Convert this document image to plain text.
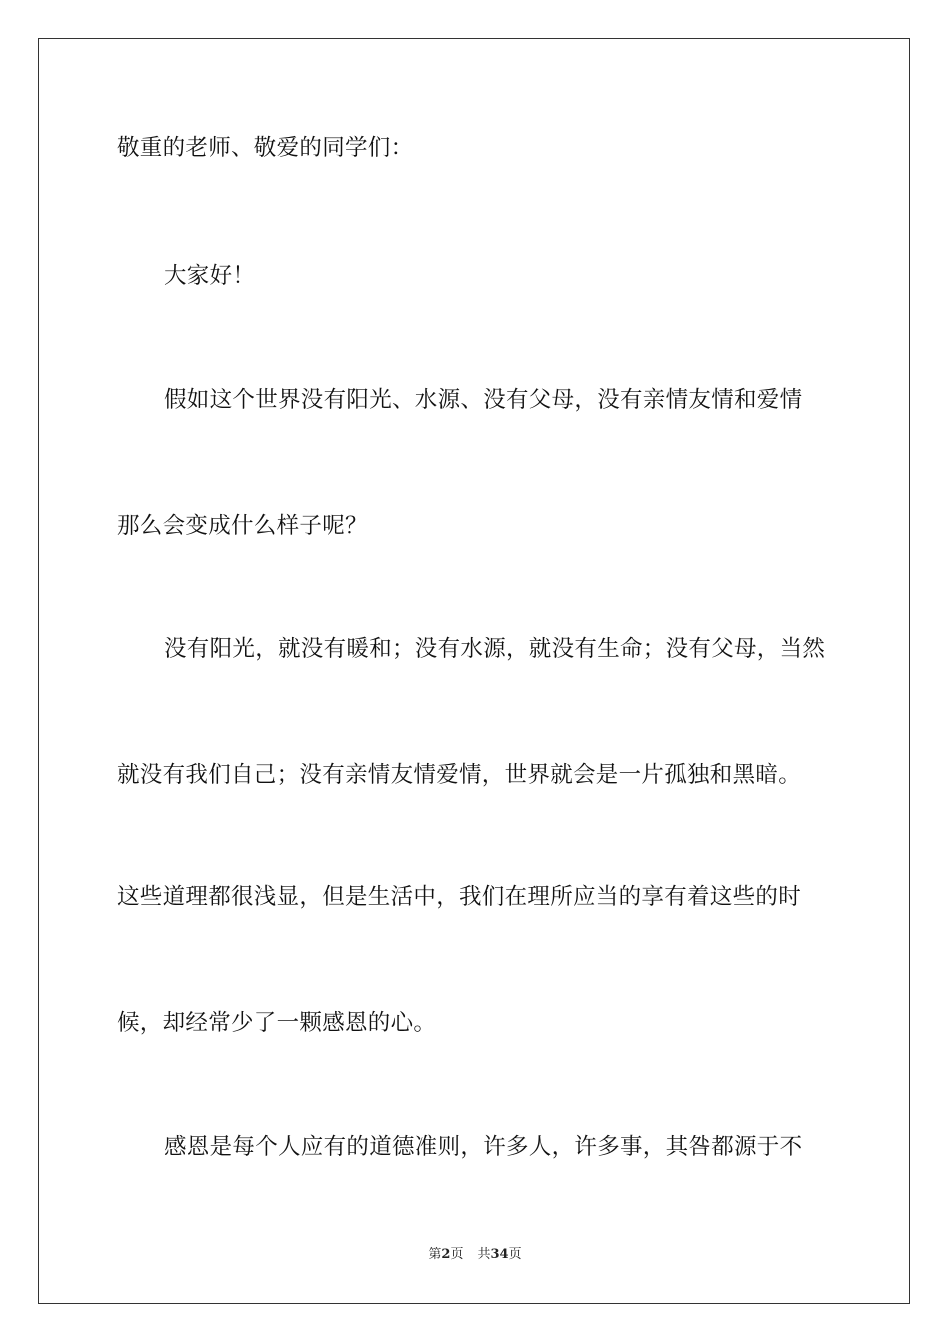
敬重的老师、敬爱的同学们：
大家好！
假如这个世界没有阳光、水源、没有父母，没有亲情友情和爱情
那么会变成什么样子呢？
没有阳光，就没有暖和；没有水源，就没有生命；没有父母，当然
就没有我们自己；没有亲情友情爱情，世界就会是一片孤独和黑暗。
这些道理都很浅显，但是生活中，我们在理所应当的享有着这些的时
候，却经常少了一颗感恩的心。
感恩是每个人应有的道德准则，许多人，许多事，其咎都源于不
第2页 共34页
